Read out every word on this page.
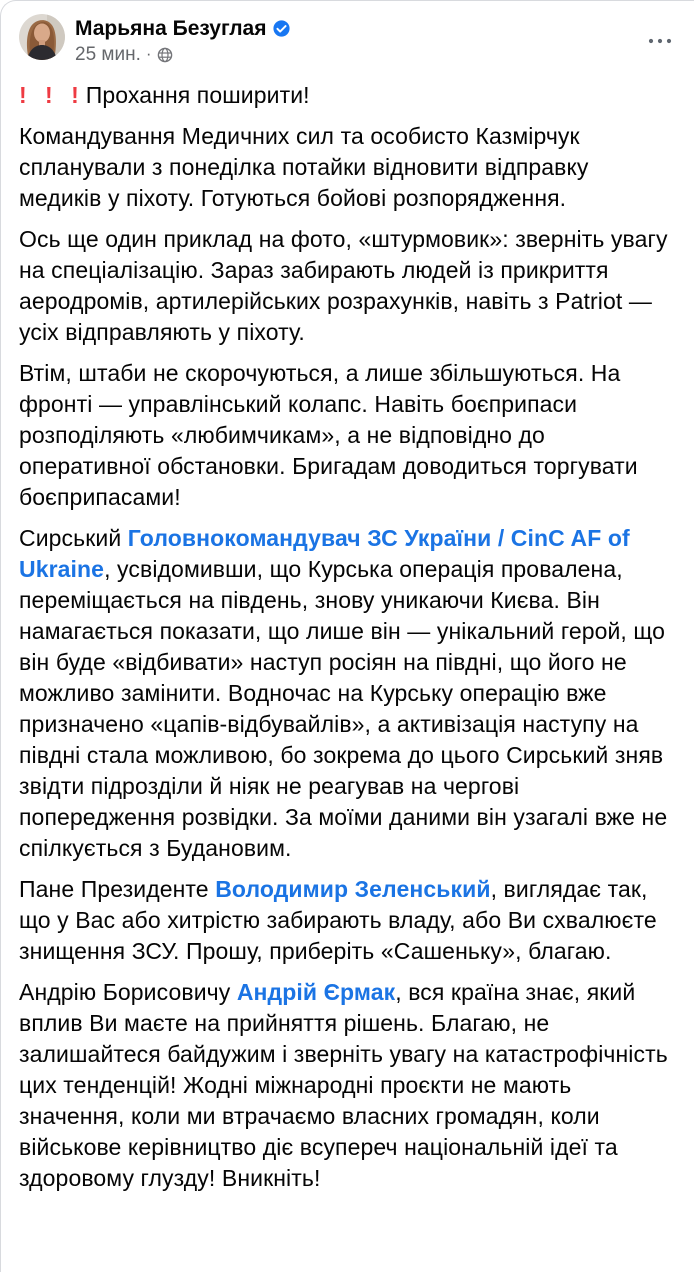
Марьяна Безуглая
25 мин. ·

! ! !Прохання поширити!

Командування Медичних сил та особисто Казмірчук спланували з понеділка потайки відновити відправку медиків у піхоту. Готуються бойові розпорядження.

Ось ще один приклад на фото, «штурмовик»: зверніть увагу на спеціалізацію. Зараз забирають людей із прикриття аеродромів, артилерійських розрахунків, навіть з Patriot — усіх відправляють у піхоту.

Втім, штаби не скорочуються, а лише збільшуються. На фронті — управлінський колапс. Навіть боєприпаси розподіляють «любимчикам», а не відповідно до оперативної обстановки. Бригадам доводиться торгувати боєприпасами!

Сирський Головнокомандувач ЗС України / CinC AF of Ukraine, усвідомивши, що Курська операція провалена, переміщається на південь, знову уникаючи Києва. Він намагається показати, що лише він — унікальний герой, що він буде «відбивати» наступ росіян на півдні, що його не можливо замінити. Водночас на Курську операцію вже призначено «цапів-відбувайлів», а активізація наступу на півдні стала можливою, бо зокрема до цього Сирський зняв звідти підрозділи й ніяк не реагував на чергові попередження розвідки. За моїми даними він узагалі вже не спілкується з Будановим.

Пане Президенте Володимир Зеленський, виглядає так, що у Вас або хитрістю забирають владу, або Ви схвалюєте знищення ЗСУ. Прошу, приберіть «Сашеньку», благаю.

Андрію Борисовичу Андрій Єрмак, вся країна знає, який вплив Ви маєте на прийняття рішень. Благаю, не залишайтеся байдужим і зверніть увагу на катастрофічність цих тенденцій! Жодні міжнародні проєкти не мають значення, коли ми втрачаємо власних громадян, коли військове керівництво діє всупереч національній ідеї та здоровому глузду! Вникніть!
